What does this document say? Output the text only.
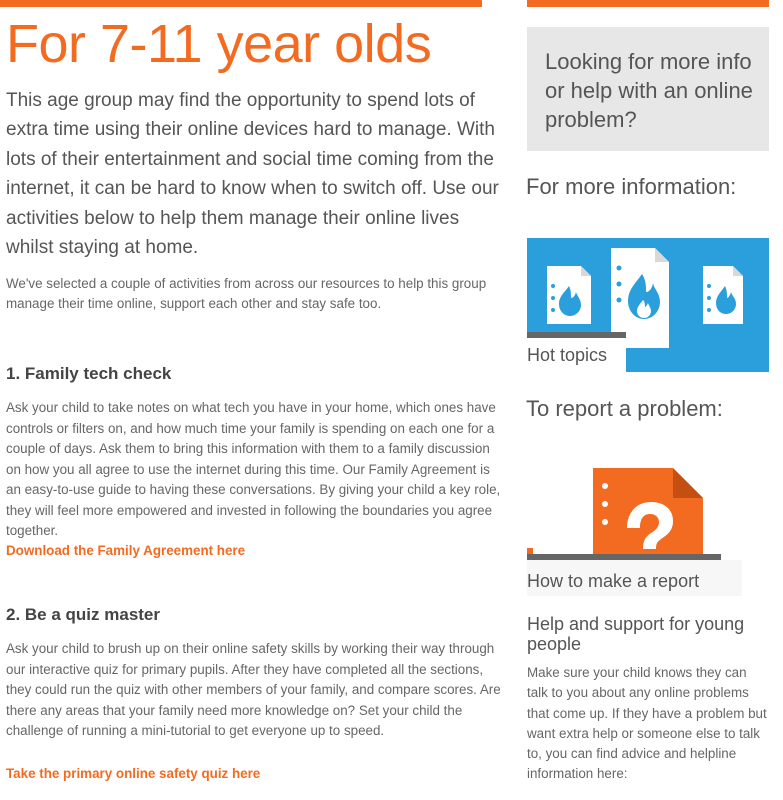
For 7-11 year olds

This age group may find the opportunity to spend lots of extra time using their online devices hard to manage. With lots of their entertainment and social time coming from the internet, it can be hard to know when to switch off. Use our activities below to help them manage their online lives whilst staying at home.

We've selected a couple of activities from across our resources to help this group manage their time online, support each other and stay safe too.

1. Family tech check

Ask your child to take notes on what tech you have in your home, which ones have controls or filters on, and how much time your family is spending on each one for a couple of days. Ask them to bring this information with them to a family discussion on how you all agree to use the internet during this time. Our Family Agreement is an easy-to-use guide to having these conversations. By giving your child a key role, they will feel more empowered and invested in following the boundaries you agree together.

Download the Family Agreement here
2. Be a quiz master

Ask your child to brush up on their online safety skills by working their way through our interactive quiz for primary pupils. After they have completed all the sections, they could run the quiz with other members of your family, and compare scores. Are there any areas that your family need more knowledge on? Set your child the challenge of running a mini-tutorial to get everyone up to speed.

Take the primary online safety quiz here
Looking for more info or help with an online problem?
For more information:
Hot topics
To report a problem:
How to make a report
Help and support for young people

Make sure your child knows they can talk to you about any online problems that come up. If they have a problem but want extra help or someone else to talk to, you can find advice and helpline information here:
